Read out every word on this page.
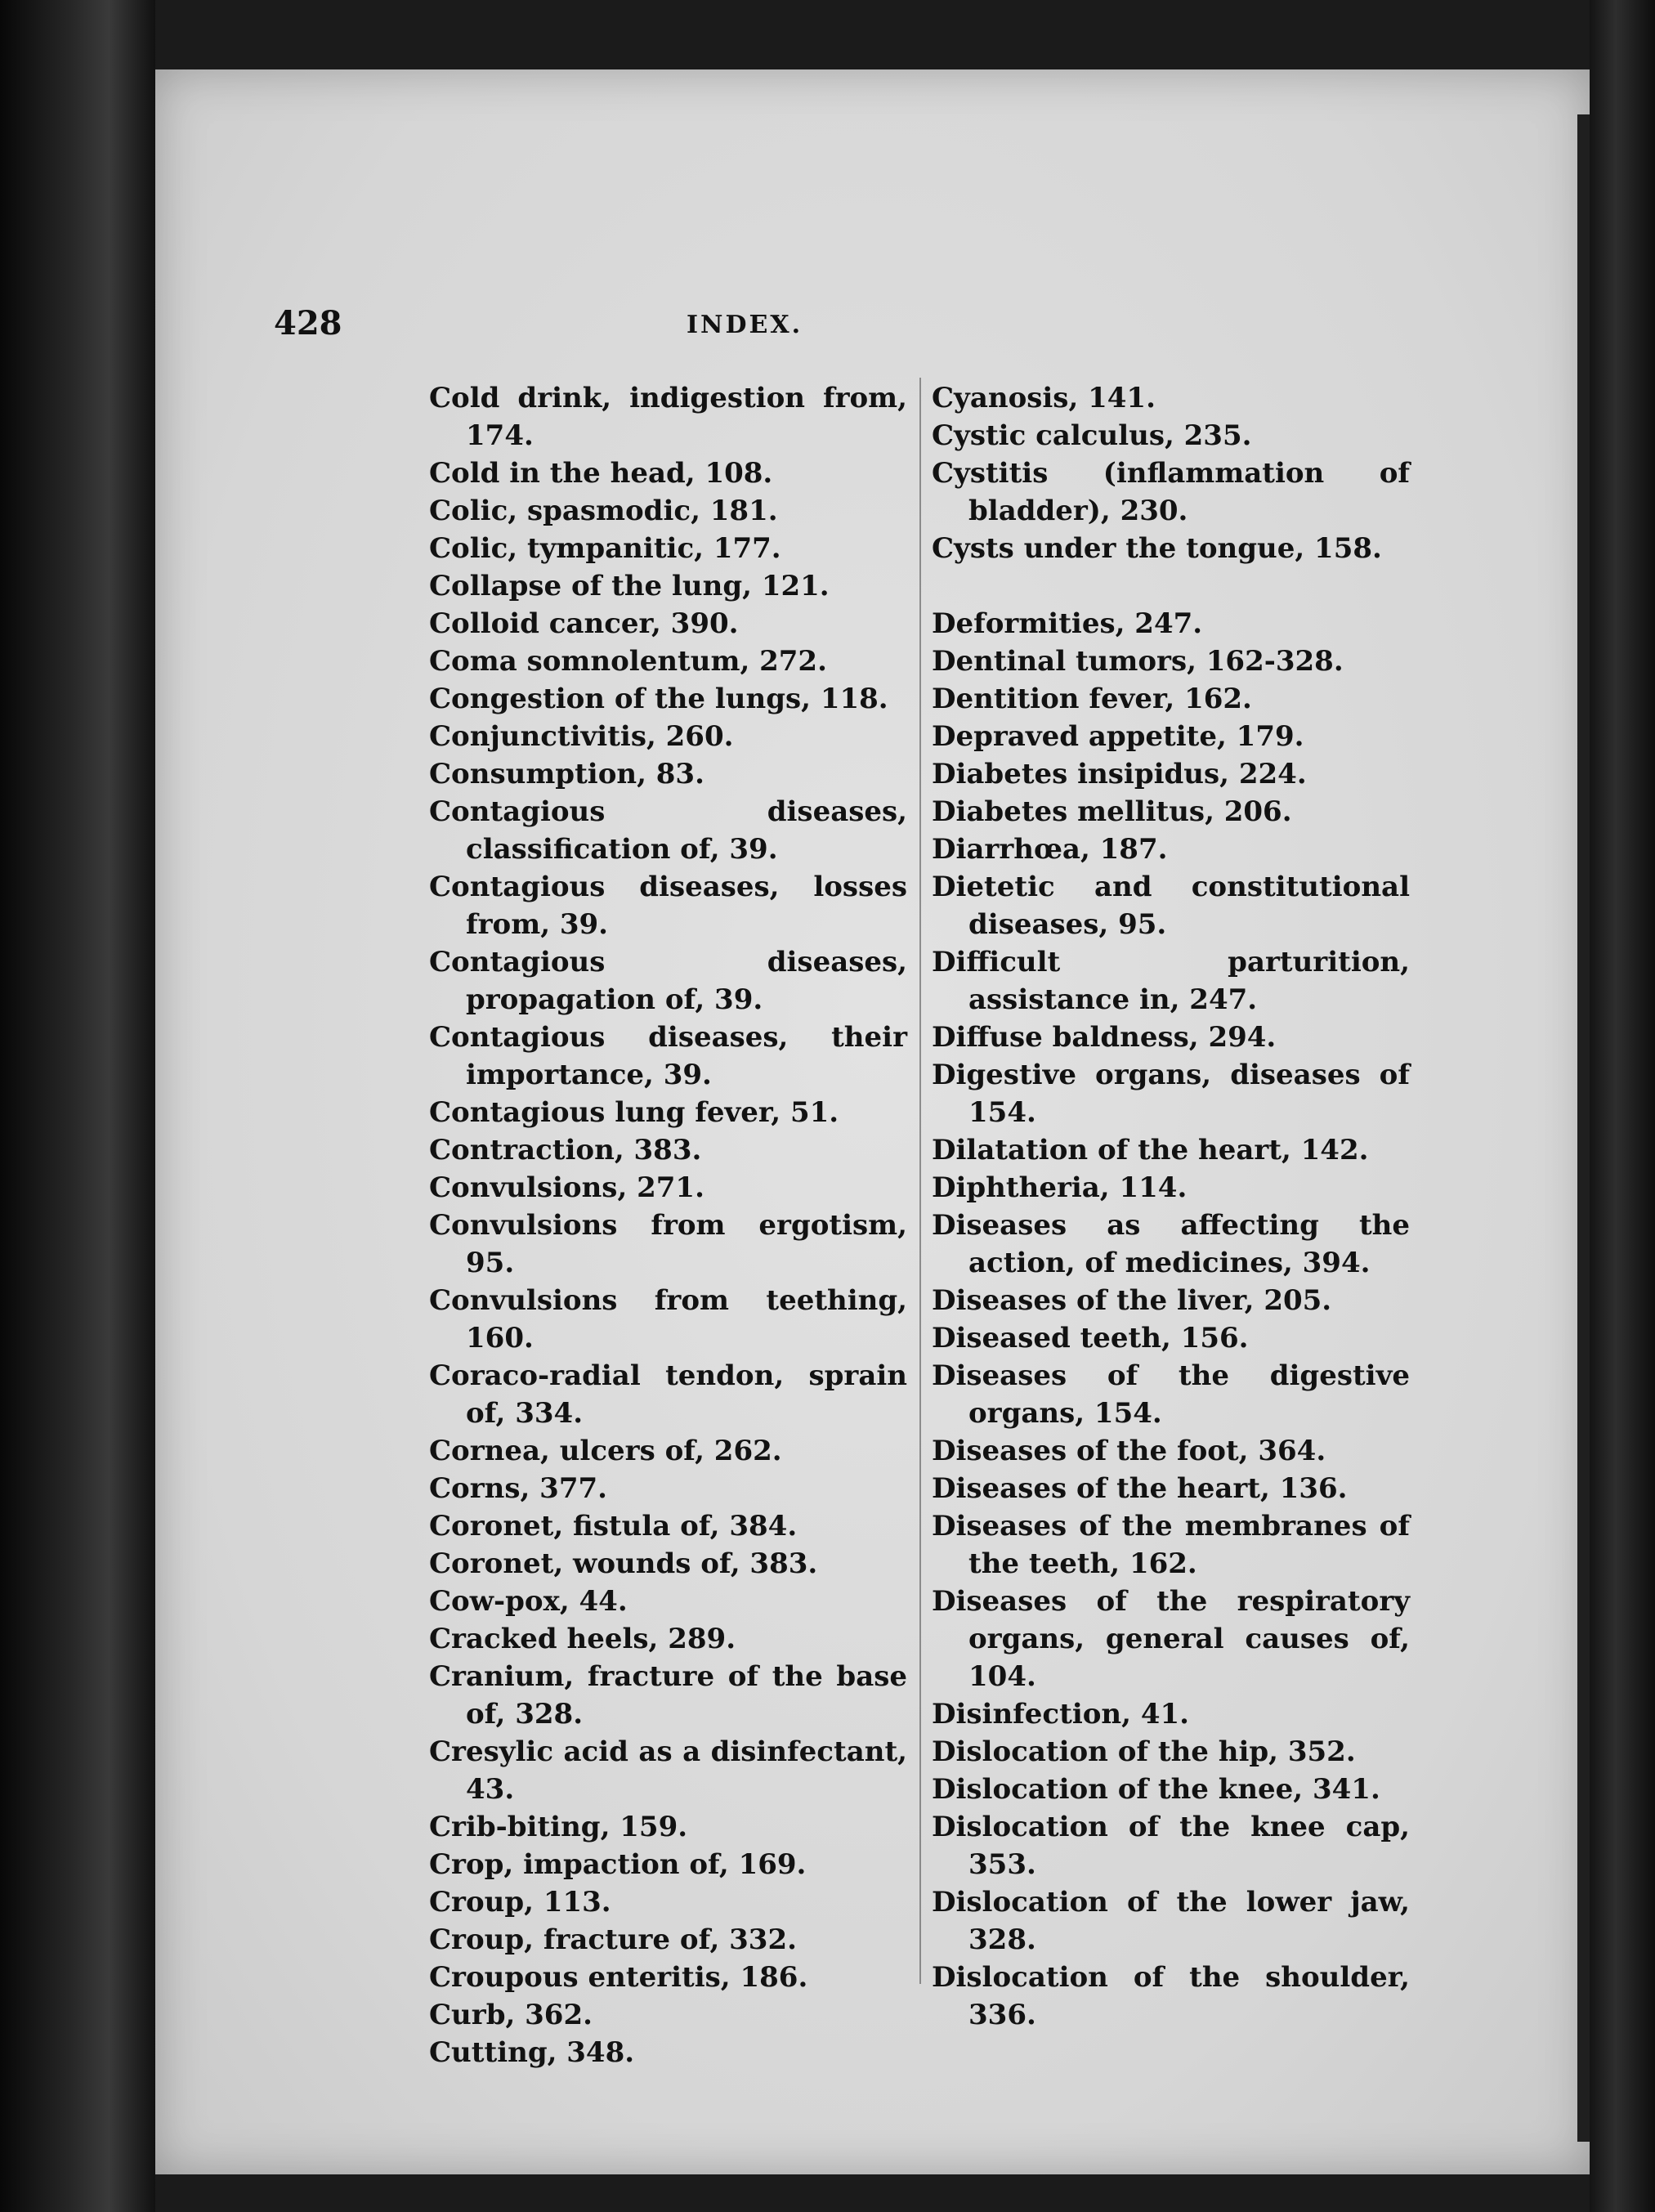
428	INDEX.

Cold drink, indigestion from, 174.

Cold in the head, 108.

Colic, spasmodic, 181.

Colic, tympanitic, 177.

Collapse of the lung, 121.

Colloid cancer, 390.

Coma somnolentum, 272.

Congestion of the lungs, 118.

Conjunctivitis, 260.

Consumption, 83.

Contagious diseases, classification of, 39.

Contagious diseases, losses from, 39.

Contagious diseases, propagation of, 39.

Contagious diseases, their importance, 39.

Contagious lung fever, 51.

Contraction, 383.

Convulsions, 271.

Convulsions from ergotism, 95.

Convulsions from teething, 160.

Coraco-radial tendon, sprain of, 334.

Cornea, ulcers of, 262.

Corns, 377.

Coronet, fistula of, 384.

Coronet, wounds of, 383.

Cow-pox, 44.

Cracked heels, 289.

Cranium, fracture of the base of, 328.

Cresylic acid as a disinfectant, 43.

Crib-biting, 159.

Crop, impaction of, 169.

Croup, 113.

Croup, fracture of, 332.

Croupous enteritis, 186.

Curb, 362.

Cutting, 348.

Cyanosis, 141.

Cystic calculus, 235.

Cystitis (inflammation of bladder), 230.

Cysts under the tongue, 158.

Deformities, 247.

Dentinal tumors, 162-328.

Dentition fever, 162.

Depraved appetite, 179.

Diabetes insipidus, 224.

Diabetes mellitus, 206.

Diarrhœa, 187.

Dietetic and constitutional diseases, 95.

Difficult parturition, assistance in, 247.

Diffuse baldness, 294.

Digestive organs, diseases of 154.

Dilatation of the heart, 142.

Diphtheria, 114.

Diseases as affecting the action, of medicines, 394.

Diseases of the liver, 205.

Diseased teeth, 156.

Diseases of the digestive organs, 154.

Diseases of the foot, 364.

Diseases of the heart, 136.

Diseases of the membranes of the teeth, 162.

Diseases of the respiratory organs, general causes of, 104.

Disinfection, 41.

Dislocation of the hip, 352.

Dislocation of the knee, 341.

Dislocation of the knee cap, 353.

Dislocation of the lower jaw, 328.

Dislocation of the shoulder, 336.
